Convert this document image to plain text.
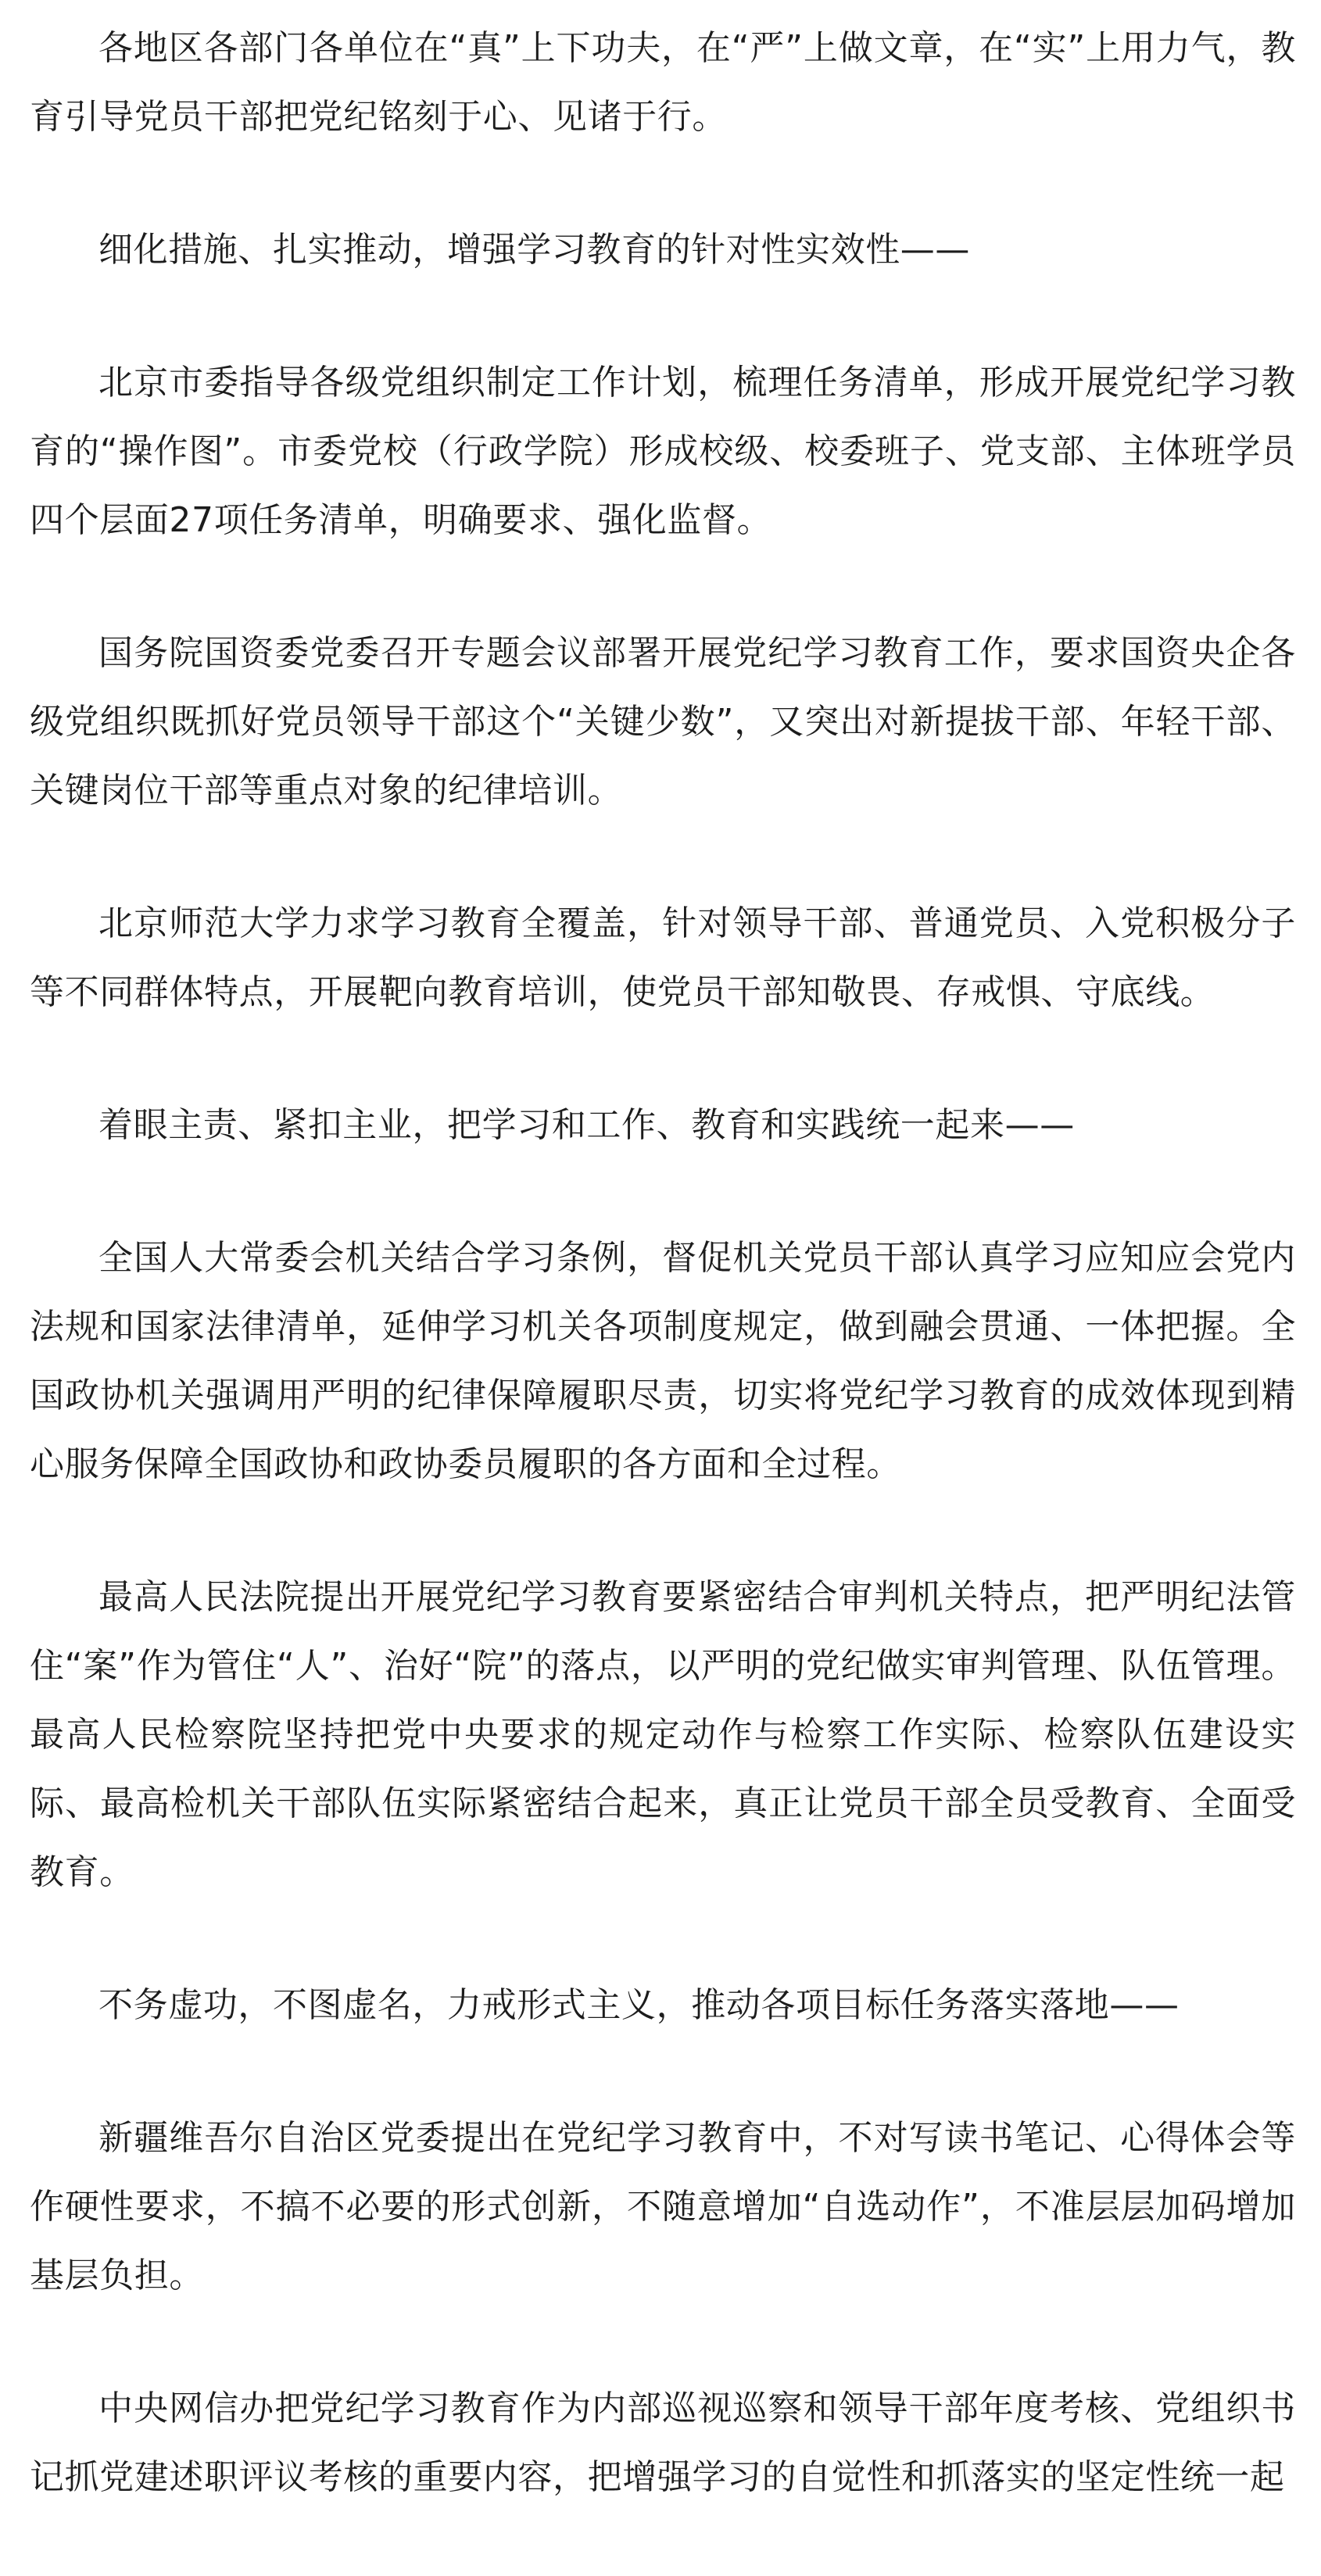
各地区各部门各单位在“真”上下功夫，在“严”上做文章，在“实”上用力气，教育引导党员干部把党纪铭刻于心、见诸于行。

细化措施、扎实推动，增强学习教育的针对性实效性——

北京市委指导各级党组织制定工作计划，梳理任务清单，形成开展党纪学习教育的“操作图”。市委党校（行政学院）形成校级、校委班子、党支部、主体班学员四个层面27项任务清单，明确要求、强化监督。

国务院国资委党委召开专题会议部署开展党纪学习教育工作，要求国资央企各级党组织既抓好党员领导干部这个“关键少数”，又突出对新提拔干部、年轻干部、关键岗位干部等重点对象的纪律培训。

北京师范大学力求学习教育全覆盖，针对领导干部、普通党员、入党积极分子等不同群体特点，开展靶向教育培训，使党员干部知敬畏、存戒惧、守底线。

着眼主责、紧扣主业，把学习和工作、教育和实践统一起来——

全国人大常委会机关结合学习条例，督促机关党员干部认真学习应知应会党内法规和国家法律清单，延伸学习机关各项制度规定，做到融会贯通、一体把握。全国政协机关强调用严明的纪律保障履职尽责，切实将党纪学习教育的成效体现到精心服务保障全国政协和政协委员履职的各方面和全过程。

最高人民法院提出开展党纪学习教育要紧密结合审判机关特点，把严明纪法管住“案”作为管住“人”、治好“院”的落点，以严明的党纪做实审判管理、队伍管理。最高人民检察院坚持把党中央要求的规定动作与检察工作实际、检察队伍建设实际、最高检机关干部队伍实际紧密结合起来，真正让党员干部全员受教育、全面受教育。

不务虚功，不图虚名，力戒形式主义，推动各项目标任务落实落地——

新疆维吾尔自治区党委提出在党纪学习教育中，不对写读书笔记、心得体会等作硬性要求，不搞不必要的形式创新，不随意增加“自选动作”，不准层层加码增加基层负担。

中央网信办把党纪学习教育作为内部巡视巡察和领导干部年度考核、党组织书记抓党建述职评议考核的重要内容，把增强学习的自觉性和抓落实的坚定性统一起
